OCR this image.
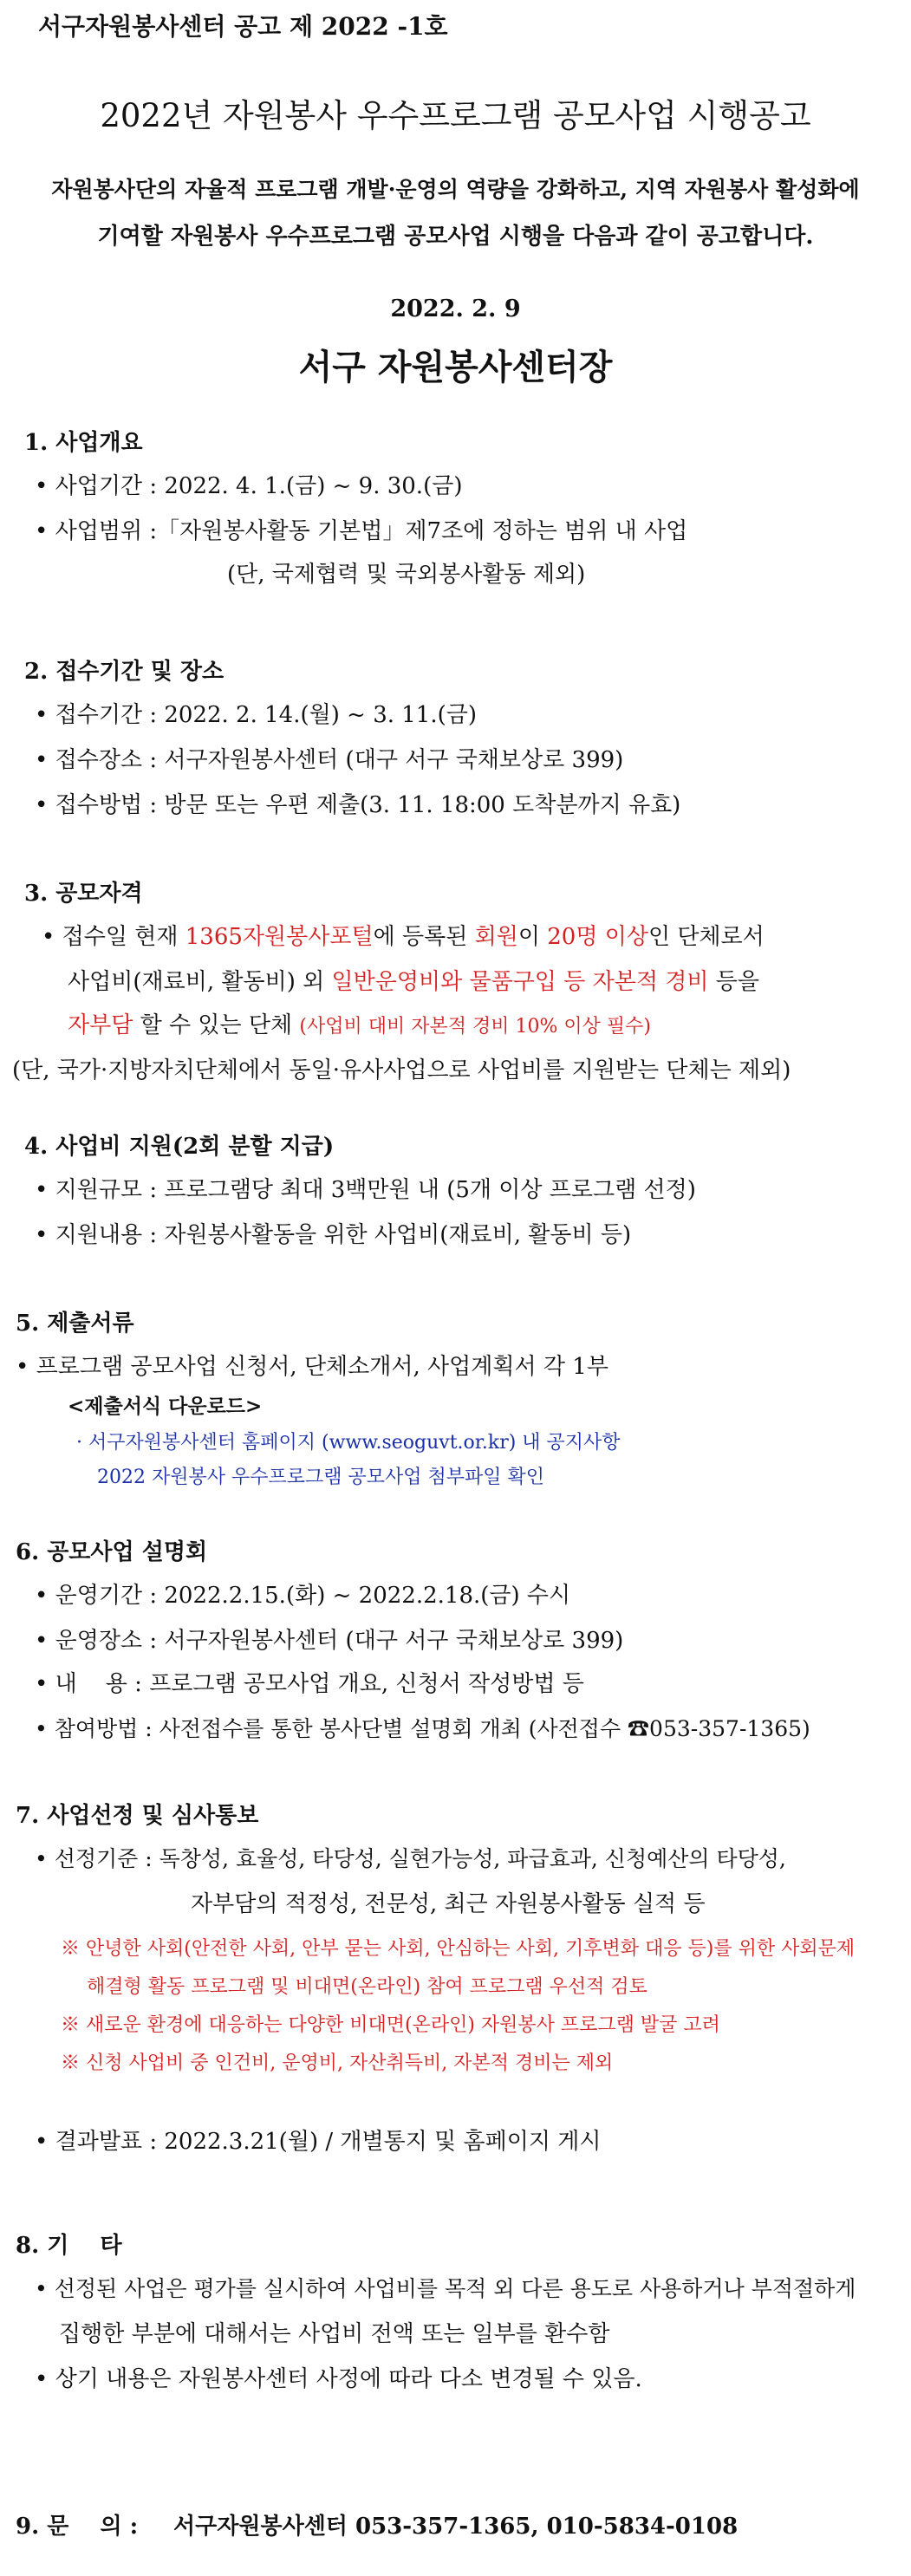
서구자원봉사센터 공고 제 2022 -1호
2022년 자원봉사 우수프로그램 공모사업 시행공고
자원봉사단의 자율적 프로그램 개발·운영의 역량을 강화하고, 지역 자원봉사 활성화에
기여할 자원봉사 우수프로그램 공모사업 시행을 다음과 같이 공고합니다.
2022. 2. 9
서구 자원봉사센터장
1. 사업개요
• 사업기간 : 2022. 4. 1.(금) ~ 9. 30.(금)
• 사업범위 :「자원봉사활동 기본법」제7조에 정하는 범위 내 사업
(단, 국제협력 및 국외봉사활동 제외)
2. 접수기간 및 장소
• 접수기간 : 2022. 2. 14.(월) ~ 3. 11.(금)
• 접수장소 : 서구자원봉사센터 (대구 서구 국채보상로 399)
• 접수방법 : 방문 또는 우편 제출(3. 11. 18:00 도착분까지 유효)
3. 공모자격
• 접수일 현재 1365자원봉사포털에 등록된 회원이 20명 이상인 단체로서
사업비(재료비, 활동비) 외 일반운영비와 물품구입 등 자본적 경비 등을
자부담 할 수 있는 단체 (사업비 대비 자본적 경비 10% 이상 필수)
(단, 국가·지방자치단체에서 동일·유사사업으로 사업비를 지원받는 단체는 제외)
4. 사업비 지원(2회 분할 지급)
• 지원규모 : 프로그램당 최대 3백만원 내 (5개 이상 프로그램 선정)
• 지원내용 : 자원봉사활동을 위한 사업비(재료비, 활동비 등)
5. 제출서류
• 프로그램 공모사업 신청서, 단체소개서, 사업계획서 각 1부
<제출서식 다운로드>
· 서구자원봉사센터 홈페이지 (www.seoguvt.or.kr) 내 공지사항
2022 자원봉사 우수프로그램 공모사업 첨부파일 확인
6. 공모사업 설명회
• 운영기간 : 2022.2.15.(화) ~ 2022.2.18.(금) 수시
• 운영장소 : 서구자원봉사센터 (대구 서구 국채보상로 399)
• 내    용 : 프로그램 공모사업 개요, 신청서 작성방법 등
• 참여방법 : 사전접수를 통한 봉사단별 설명회 개최 (사전접수 ☎053-357-1365)
7. 사업선정 및 심사통보
• 선정기준 : 독창성, 효율성, 타당성, 실현가능성, 파급효과, 신청예산의 타당성,
자부담의 적정성, 전문성, 최근 자원봉사활동 실적 등
※ 안녕한 사회(안전한 사회, 안부 묻는 사회, 안심하는 사회, 기후변화 대응 등)를 위한 사회문제
해결형 활동 프로그램 및 비대면(온라인) 참여 프로그램 우선적 검토
※ 새로운 환경에 대응하는 다양한 비대면(온라인) 자원봉사 프로그램 발굴 고려
※ 신청 사업비 중 인건비, 운영비, 자산취득비, 자본적 경비는 제외
• 결과발표 : 2022.3.21(월) / 개별통지 및 홈페이지 게시
8. 기    타
• 선정된 사업은 평가를 실시하여 사업비를 목적 외 다른 용도로 사용하거나 부적절하게
집행한 부분에 대해서는 사업비 전액 또는 일부를 환수함
• 상기 내용은 자원봉사센터 사정에 따라 다소 변경될 수 있음.
9. 문    의 : 서구자원봉사센터 053-357-1365, 010-5834-0108
